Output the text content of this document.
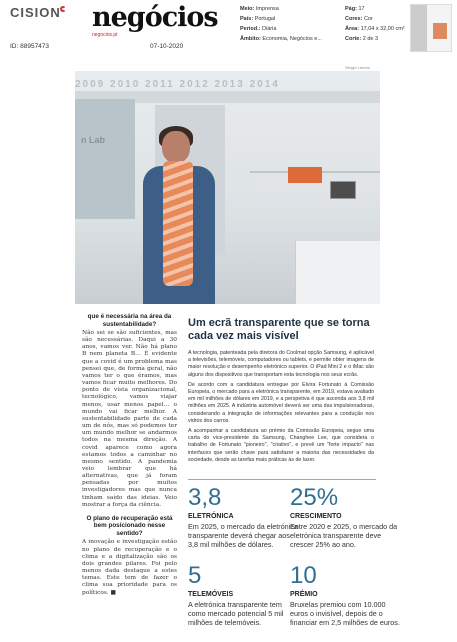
CISION negócios
negocios.pt
Meio: Imprensa
País: Portugal
Period.: Diária
Âmbito: Economia, Negócios e...
Pág: 17
Cores: Cor
Área: 17,04 x 32,00 cm²
Corte: 2 de 3
ID: 88957473	07-10-2020
Sérgio Lemos
2009 2010 2011 2012 2013 2014
n Lab
que é necessária na área da sustentabilidade?

Não sei se são suficientes, mas são necessárias. Daqui a 30 anos, vamos ver. Não há plano B nem planeta B… É evidente que a covid é um problema mas pensei que, de forma geral, não vamos ter o que éramos, mas vamos ficar muito melhores. Do ponto de vista organizacional, tecnológico, vamos viajar menos, usar menos papel… o mundo vai ficar melhor. A sustentabilidade parte de cada um de nós, mas só podemos ter um mundo melhor se andarmos todos na mesma direção. A covid aparece como agora estamos todos a caminhar no mesmo sentido. A pandemia veio lembrar que há alternativas, que já foram pensadas por muitos investigadores mas que nunca tinham saído das ideias. Veio mostrar a força da ciência.

O plano de recuperação está bem posicionado nesse sentido?

A inovação e investigação estão no plano de recuperação e o clima e a digitalização são os dois grandes pilares. Foi pelo menos dada destaque a estes temas. Este tem de fazer o clima sua prioridade para os políticos. ■

Um ecrã transparente que se torna cada vez mais visível

A tecnologia, patenteada pela diretora do Coolmat opção Samsung, é aplicável a televisões, telemóveis, computadores ou tablets, e permite obter imagens de maior resolução e desempenho eletrónico superior. O iPad Mini 2 e o iMac são alguns dos dispositivos que transportam esta tecnologia nos seus ecrãs.

De acordo com a candidatura entregue por Elvira Fortunato à Comissão Europeia, o mercado para a eletrónica transparente, em 2019, estava avaliado em mil milhões de dólares em 2019, e a perspetiva é que ascenda aos 3,8 mil milhões em 2025. A indústria automóvel deverá ser uma das impulsionadoras, considerando a integração de informações relevantes para a condução nos vidros dos carros.

A acompanhar a candidatura ao prémio da Comissão Europeia, segue uma carta do vice-presidente da Samsung, Changhee Lee, que considera o trabalho de Fortunato "pioneiro", "criativo", e prevê um "forte impacto" nas interfaces que serão chave para satisfazer a maioria das necessidades da sociedade, desde as tarefas mais práticas às de lazer.

3,8
ELETRÓNICA
Em 2025, o mercado da eletrónica transparente deverá chegar aos 3,8 mil milhões de dólares.
25%
CRESCIMENTO
Entre 2020 e 2025, o mercado da eletrónica transparente deve crescer 25% ao ano.
5
TELEMÓVEIS
A eletrónica transparente tem como mercado potencial 5 mil milhões de telemóveis.
10
PRÉMIO
Bruxelas premiou com 10.000 euros o invisível, depois de o financiar em 2,5 milhões de euros.
